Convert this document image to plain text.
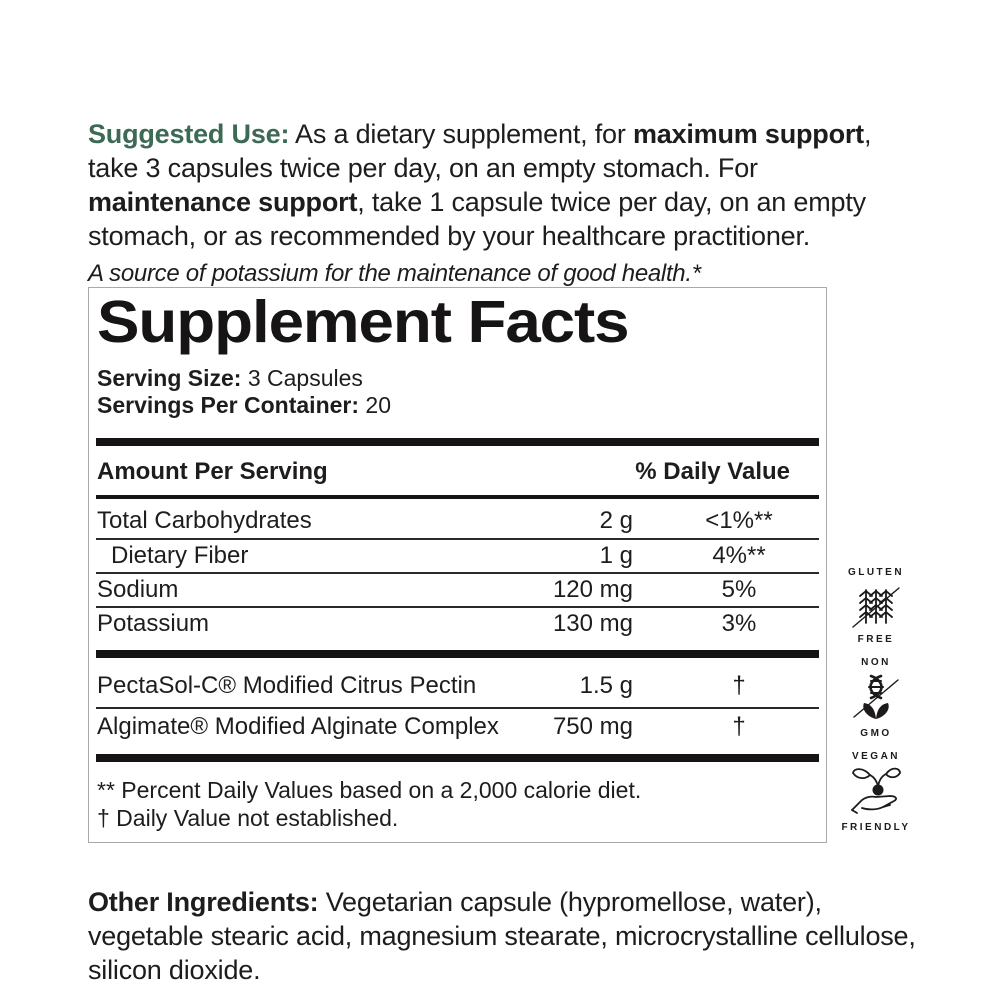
Suggested Use: As a dietary supplement, for maximum support, take 3 capsules twice per day, on an empty stomach. For maintenance support, take 1 capsule twice per day, on an empty stomach, or as recommended by your healthcare practitioner.

A source of potassium for the maintenance of good health.*

Supplement Facts
Serving Size: 3 Capsules
Servings Per Container: 20
Amount Per Serving	% Daily Value
Total Carbohydrates	2 g	<1%**
Dietary Fiber	1 g	4%**
Sodium	120 mg	5%
Potassium	130 mg	3%
PectaSol-C® Modified Citrus Pectin	1.5 g	†
Algimate® Modified Alginate Complex	750 mg	†
** Percent Daily Values based on a 2,000 calorie diet.
† Daily Value not established.
GLUTEN
FREE
NON
GMO
VEGAN
FRIENDLY

Other Ingredients: Vegetarian capsule (hypromellose, water), vegetable stearic acid, magnesium stearate, microcrystalline cellulose, silicon dioxide.
